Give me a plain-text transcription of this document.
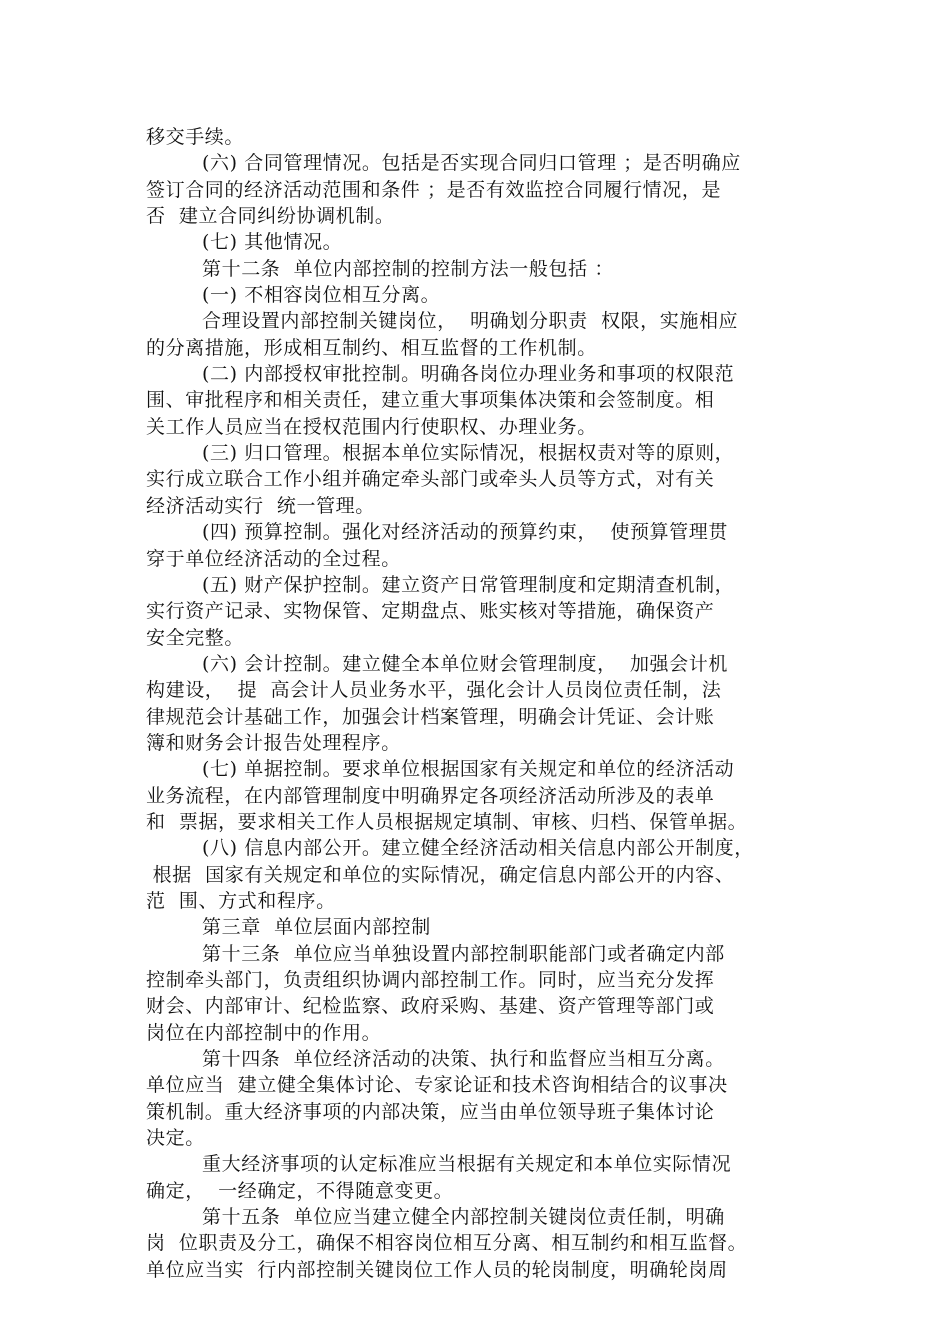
移交手续。
(六) 合同管理情况。包括是否实现合同归口管理 ；是否明确应
签订合同的经济活动范围和条件 ；是否有效监控合同履行情况，是
否  建立合同纠纷协调机制。
(七) 其他情况。
第十二条  单位内部控制的控制方法一般包括 ：
(一) 不相容岗位相互分离。
合理设置内部控制关键岗位，  明确划分职责  权限，实施相应
的分离措施，形成相互制约、相互监督的工作机制。
(二) 内部授权审批控制。明确各岗位办理业务和事项的权限范
围、审批程序和相关责任，建立重大事项集体决策和会签制度。相
关工作人员应当在授权范围内行使职权、办理业务。
(三) 归口管理。根据本单位实际情况，根据权责对等的原则，
实行成立联合工作小组并确定牵头部门或牵头人员等方式，对有关
经济活动实行  统一管理。
(四) 预算控制。强化对经济活动的预算约束，  使预算管理贯
穿于单位经济活动的全过程。
(五) 财产保护控制。建立资产日常管理制度和定期清查机制，
实行资产记录、实物保管、定期盘点、账实核对等措施，确保资产
安全完整。
(六) 会计控制。建立健全本单位财会管理制度，  加强会计机
构建设，  提  高会计人员业务水平，强化会计人员岗位责任制，法
律规范会计基础工作，加强会计档案管理，明确会计凭证、会计账
簿和财务会计报告处理程序。
(七) 单据控制。要求单位根据国家有关规定和单位的经济活动
业务流程，在内部管理制度中明确界定各项经济活动所涉及的表单
和  票据，要求相关工作人员根据规定填制、审核、归档、保管单据。
(八) 信息内部公开。建立健全经济活动相关信息内部公开制度，
根据  国家有关规定和单位的实际情况，确定信息内部公开的内容、
范  围、方式和程序。
第三章  单位层面内部控制
第十三条  单位应当单独设置内部控制职能部门或者确定内部
控制牵头部门，负责组织协调内部控制工作。同时，应当充分发挥
财会、内部审计、纪检监察、政府采购、基建、资产管理等部门或
岗位在内部控制中的作用。
第十四条  单位经济活动的决策、执行和监督应当相互分离。
单位应当  建立健全集体讨论、专家论证和技术咨询相结合的议事决
策机制。重大经济事项的内部决策，应当由单位领导班子集体讨论
决定。
重大经济事项的认定标准应当根据有关规定和本单位实际情况
确定，  一经确定，不得随意变更。
第十五条  单位应当建立健全内部控制关键岗位责任制，明确
岗  位职责及分工，确保不相容岗位相互分离、相互制约和相互监督。
单位应当实  行内部控制关键岗位工作人员的轮岗制度，明确轮岗周
